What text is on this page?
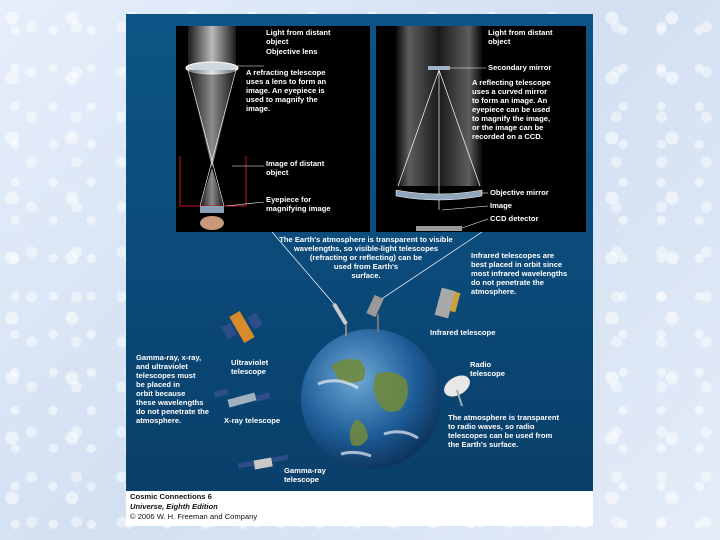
Light from distant
object
Objective lens
A refracting telescope
uses a lens to form an
image. An eyepiece is
used to magnify the
image.
Image of distant
object
Eyepiece for
magnifying image
Light from distant
object
Secondary mirror
A reflecting telescope
uses a curved mirror
to form an image. An
eyepiece can be used
to magnify the image,
or the image can be
recorded on a CCD.
Objective mirror
Image
CCD detector
The Earth's atmosphere is transparent to visible
wavelengths, so visible-light telescopes
(refracting or reflecting) can be
used from Earth's
surface.
Infrared telescopes are
best placed in orbit since
most infrared wavelengths
do not penetrate the
atmosphere.
Infrared telescope
Gamma-ray, x-ray,
and ultraviolet
telescopes must
be placed in
orbit because
these wavelengths
do not penetrate the
atmosphere.
Ultraviolet
telescope
X-ray telescope
Gamma-ray
telescope
Radio
telescope
The atmosphere is transparent
to radio waves, so radio
telescopes can be used from
the Earth's surface.
Cosmic Connections 6
Universe, Eighth Edition
© 2006 W. H. Freeman and Company
